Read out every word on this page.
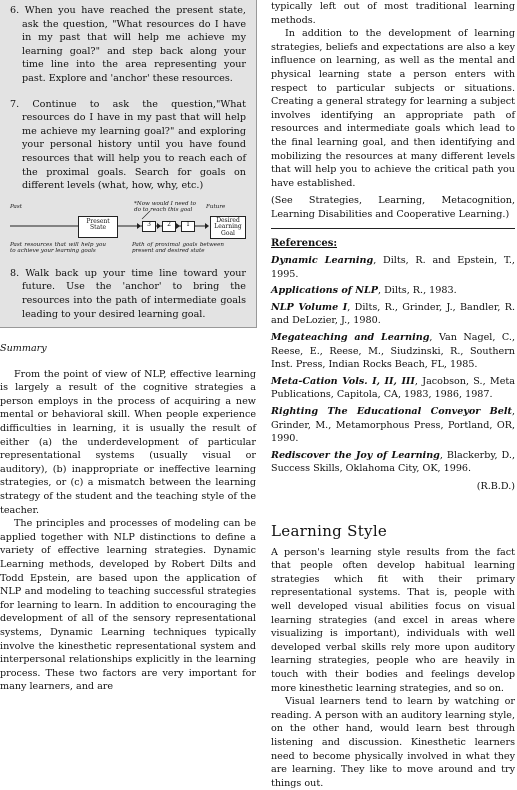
6. When you have reached the present state, ask the question, "What resources do I have in my past that will help me achieve my learning goal?" and step back along your time line into the area representing your past. Explore and 'anchor' these resources.

7. Continue to ask the question,"What resources do I have in my past that will help me achieve my learning goal?" and exploring your personal history until you have found resources that will help you to reach each of the proximal goals. Search for goals on different levels (what, how, why, etc.)

Past	Future
*Now would I need to do to reach this goal
Present State	3	2	1
Desired Learning Goal
Past resources that will help you to achieve your learning goals
Path of proximal goals between present and desired state

8. Walk back up your time line toward your future. Use the 'anchor' to bring the resources into the path of intermediate goals leading to your desired learning goal.

Summary

From the point of view of NLP, effective learning is largely a result of the cognitive strategies a person employs in the process of acquiring a new mental or behavioral skill. When people experience difficulties in learning, it is usually the result of either (a) the underdevelopment of particular representational systems (usually visual or auditory), (b) inappropriate or ineffective learning strategies, or (c) a mismatch between the learning strategy of the student and the teaching style of the teacher.

The principles and processes of modeling can be applied together with NLP distinctions to define a variety of effective learning strategies. Dynamic Learning methods, developed by Robert Dilts and Todd Epstein, are based upon the application of NLP and modeling to teaching successful strategies for learning to learn. In addition to encouraging the development of all of the sensory representational systems, Dynamic Learning techniques typically involve the kinesthetic representational system and interpersonal relationships explicitly in the learning process. These two factors are very important for many learners, and are

typically left out of most traditional learning methods.

In addition to the development of learning strategies, beliefs and expectations are also a key influence on learning, as well as the mental and physical learning state a person enters with respect to particular subjects or situations. Creating a general strategy for learning a subject involves identifying an appropriate path of resources and intermediate goals which lead to the final learning goal, and then identifying and mobilizing the resources at many different levels that will help you to achieve the critical path you have established.

(See Strategies, Learning, Metacognition, Learning Disabilities and Cooperative Learning.)

References:

Dynamic Learning, Dilts, R. and Epstein, T., 1995.

Applications of NLP, Dilts, R., 1983.

NLP Volume I, Dilts, R., Grinder, J., Bandler, R. and DeLozier, J., 1980.

Megateaching and Learning, Van Nagel, C., Reese, E., Reese, M., Siudzinski, R., Southern Inst. Press, Indian Rocks Beach, FL, 1985.

Meta-Cation Vols. I, II, III, Jacobson, S., Meta Publications, Capitola, CA, 1983, 1986, 1987.

Righting The Educational Conveyor Belt, Grinder, M., Metamorphous Press, Portland, OR, 1990.

Rediscover the Joy of Learning, Blackerby, D., Success Skills, Oklahoma City, OK, 1996.

(R.B.D.)

Learning Style

A person's learning style results from the fact that people often develop habitual learning strategies which fit with their primary representational systems. That is, people with well developed visual abilities focus on visual learning strategies (and excel in areas where visualizing is important), individuals with well developed verbal skills rely more upon auditory learning strategies, people who are heavily in touch with their bodies and feelings develop more kinesthetic learning strategies, and so on.

Visual learners tend to learn by watching or reading. A person with an auditory learning style, on the other hand, would learn best through listening and discussion. Kinesthetic learners need to become physically involved in what they are learning. They like to move around and try things out.
